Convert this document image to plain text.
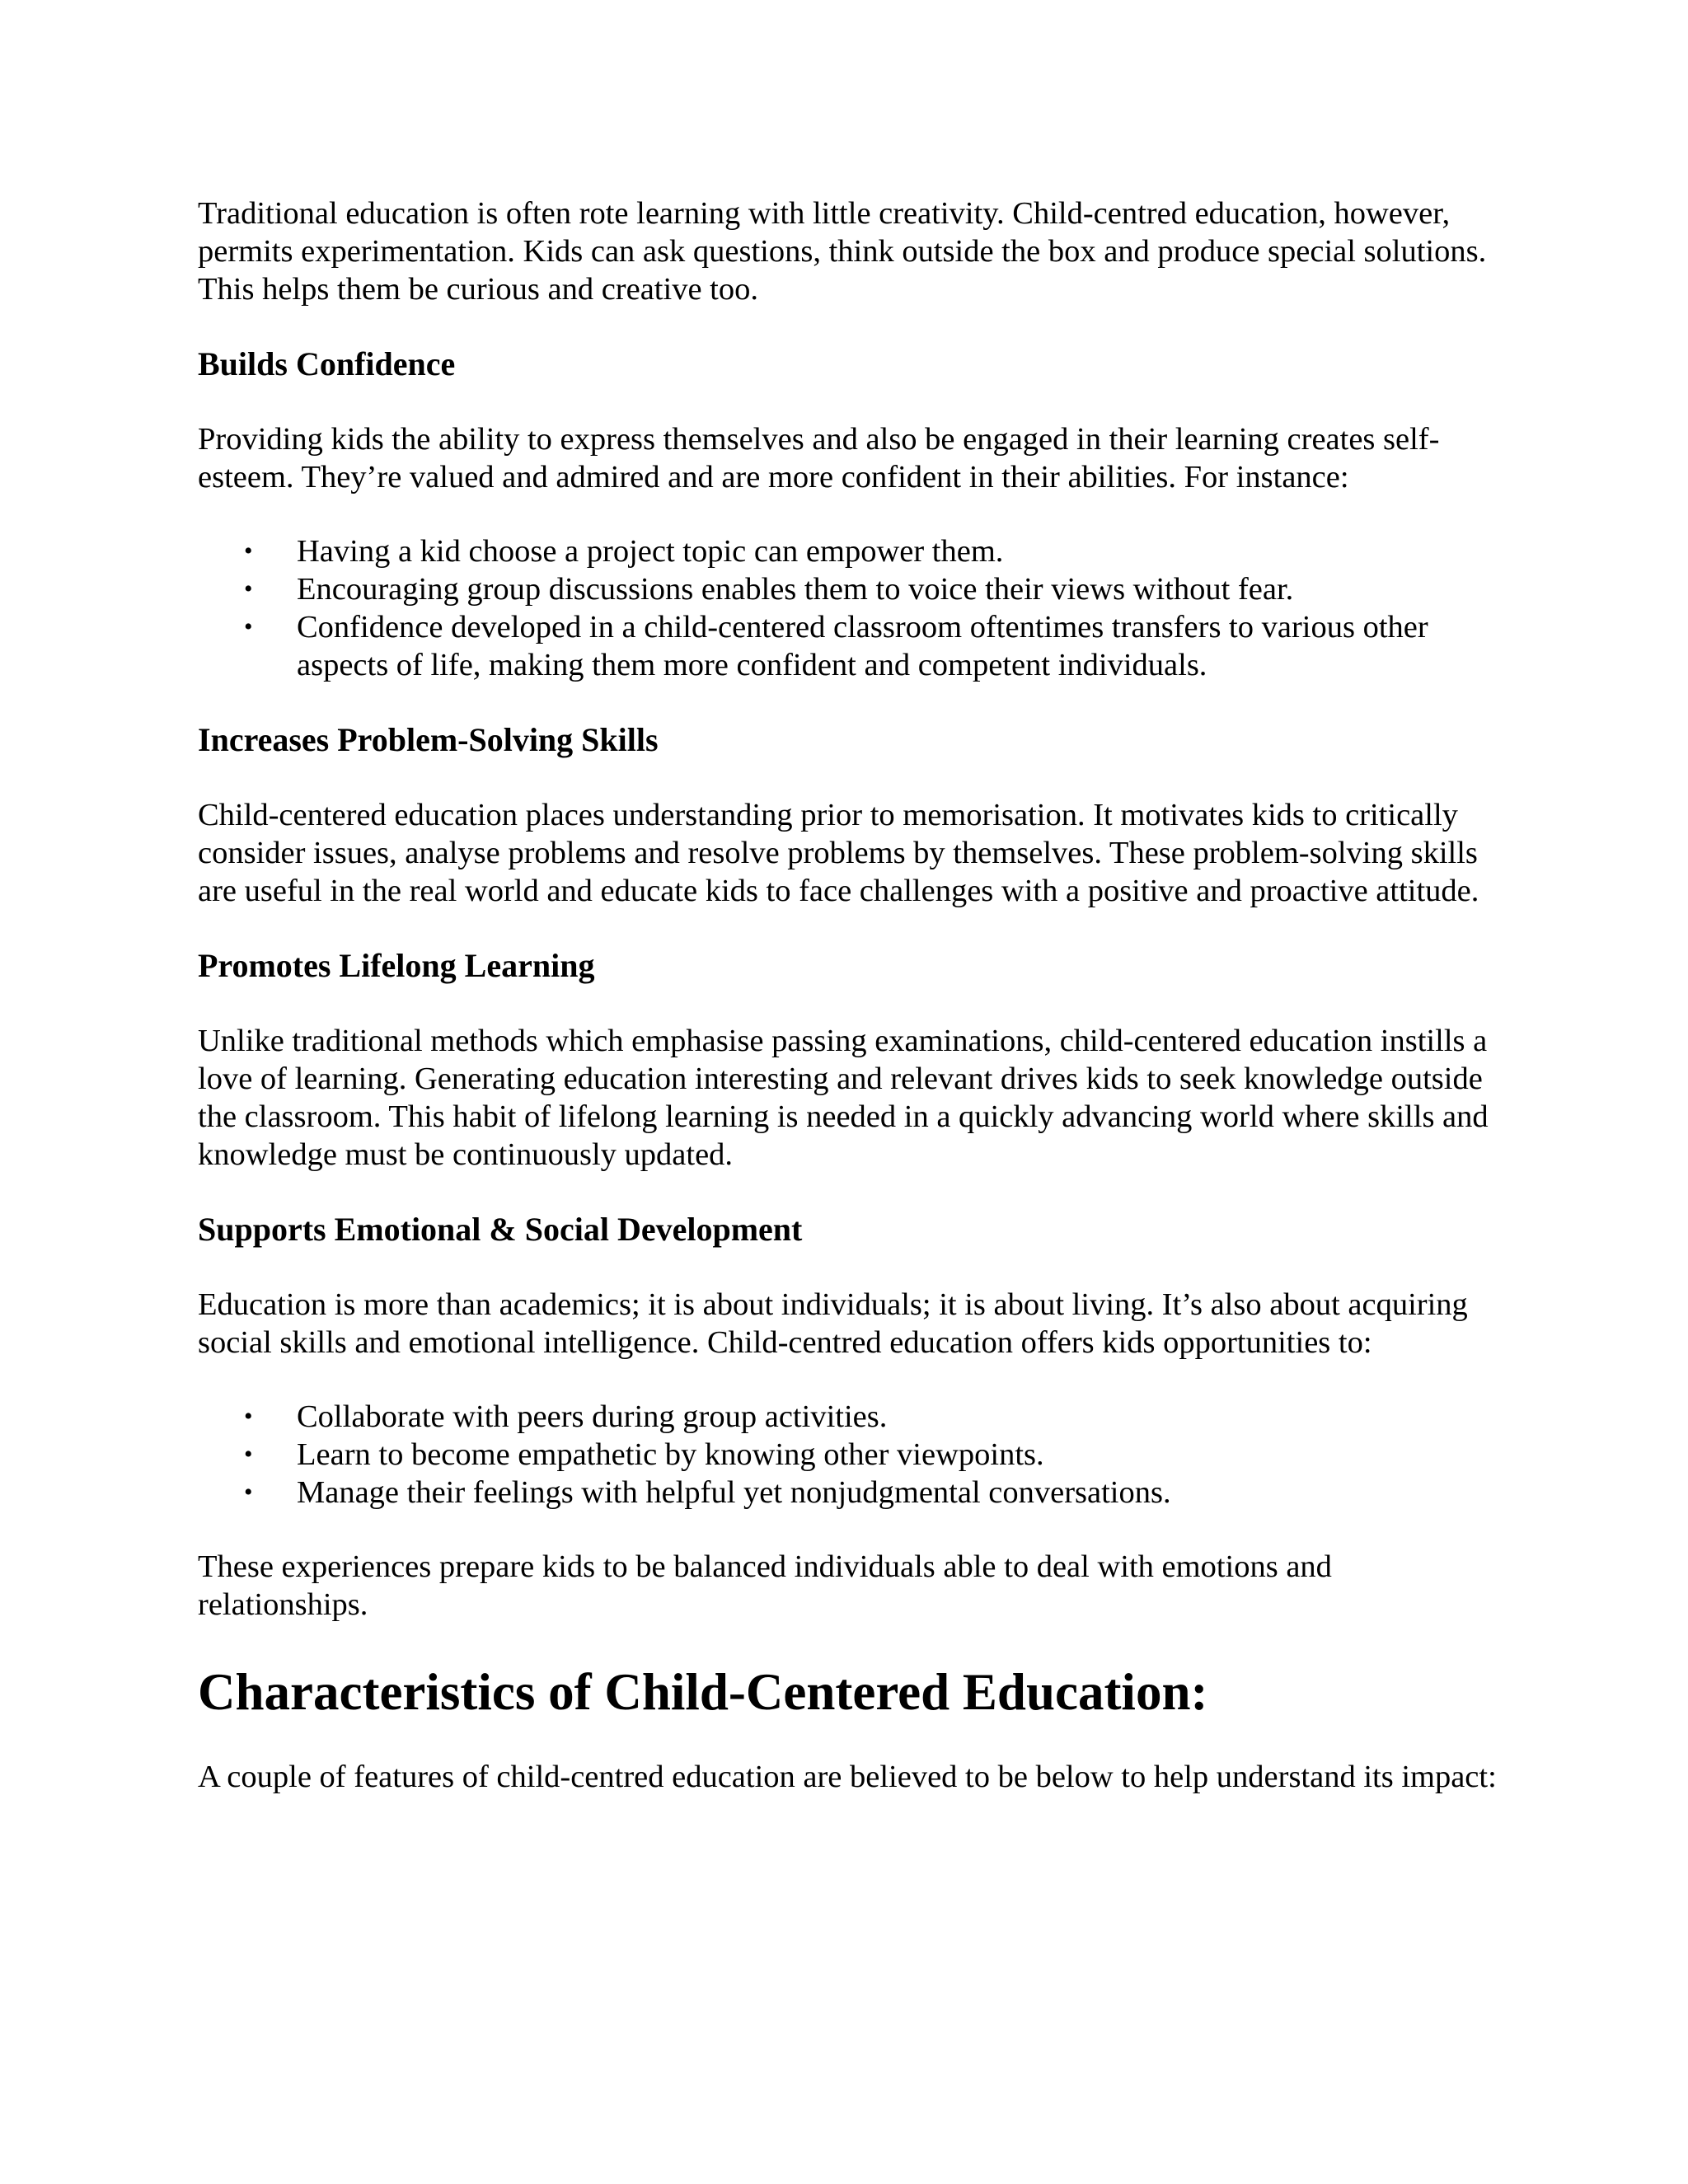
Traditional education is often rote learning with little creativity. Child-centred education, however, permits experimentation. Kids can ask questions, think outside the box and produce special solutions. This helps them be curious and creative too.

Builds Confidence

Providing kids the ability to express themselves and also be engaged in their learning creates self-esteem. They’re valued and admired and are more confident in their abilities. For instance:

• Having a kid choose a project topic can empower them.
• Encouraging group discussions enables them to voice their views without fear.
• Confidence developed in a child-centered classroom oftentimes transfers to various other aspects of life, making them more confident and competent individuals.
Increases Problem-Solving Skills

Child-centered education places understanding prior to memorisation. It motivates kids to critically consider issues, analyse problems and resolve problems by themselves. These problem-solving skills are useful in the real world and educate kids to face challenges with a positive and proactive attitude.

Promotes Lifelong Learning

Unlike traditional methods which emphasise passing examinations, child-centered education instills a love of learning. Generating education interesting and relevant drives kids to seek knowledge outside the classroom. This habit of lifelong learning is needed in a quickly advancing world where skills and knowledge must be continuously updated.

Supports Emotional & Social Development

Education is more than academics; it is about individuals; it is about living. It’s also about acquiring social skills and emotional intelligence. Child-centred education offers kids opportunities to:

• Collaborate with peers during group activities.
• Learn to become empathetic by knowing other viewpoints.
• Manage their feelings with helpful yet nonjudgmental conversations.

These experiences prepare kids to be balanced individuals able to deal with emotions and relationships.

Characteristics of Child-Centered Education:

A couple of features of child-centred education are believed to be below to help understand its impact:
